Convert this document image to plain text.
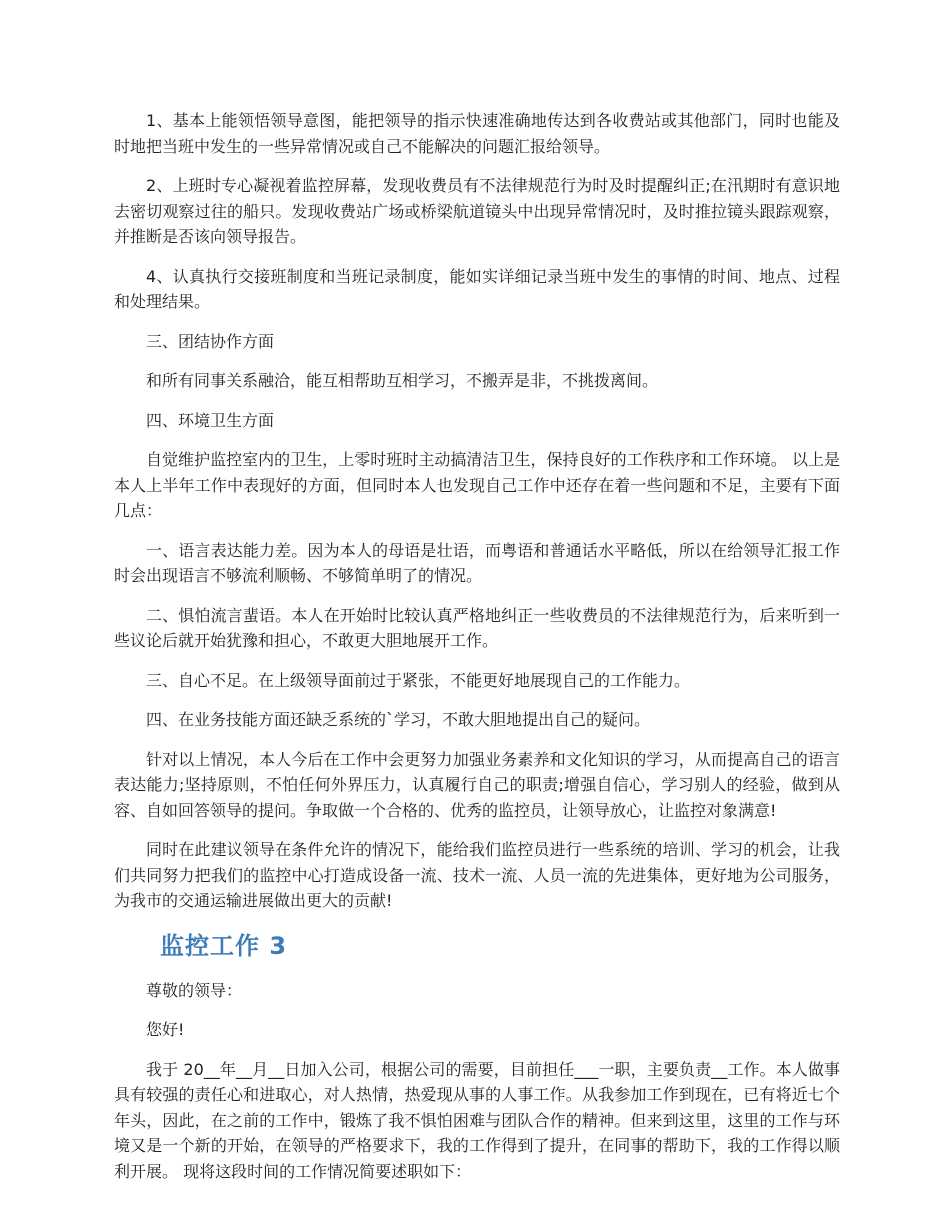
1、基本上能领悟领导意图，能把领导的指示快速准确地传达到各收费站或其他部门，同时也能及时地把当班中发生的一些异常情况或自己不能解决的问题汇报给领导。

2、上班时专心凝视着监控屏幕，发现收费员有不法律规范行为时及时提醒纠正;在汛期时有意识地去密切观察过往的船只。发现收费站广场或桥梁航道镜头中出现异常情况时，及时推拉镜头跟踪观察，并推断是否该向领导报告。

4、认真执行交接班制度和当班记录制度，能如实详细记录当班中发生的事情的时间、地点、过程和处理结果。

三、团结协作方面

和所有同事关系融洽，能互相帮助互相学习，不搬弄是非，不挑拨离间。

四、环境卫生方面

自觉维护监控室内的卫生，上零时班时主动搞清洁卫生，保持良好的工作秩序和工作环境。 以上是本人上半年工作中表现好的方面，但同时本人也发现自己工作中还存在着一些问题和不足，主要有下面几点：

一、语言表达能力差。因为本人的母语是壮语，而粤语和普通话水平略低，所以在给领导汇报工作时会出现语言不够流利顺畅、不够简单明了的情况。

二、惧怕流言蜚语。本人在开始时比较认真严格地纠正一些收费员的不法律规范行为，后来听到一些议论后就开始犹豫和担心，不敢更大胆地展开工作。

三、自心不足。在上级领导面前过于紧张，不能更好地展现自己的工作能力。

四、在业务技能方面还缺乏系统的`学习，不敢大胆地提出自己的疑问。

针对以上情况，本人今后在工作中会更努力加强业务素养和文化知识的学习，从而提高自己的语言表达能力;坚持原则，不怕任何外界压力，认真履行自己的职责;增强自信心，学习别人的经验，做到从容、自如回答领导的提问。争取做一个合格的、优秀的监控员，让领导放心，让监控对象满意!

同时在此建议领导在条件允许的情况下，能给我们监控员进行一些系统的培训、学习的机会，让我们共同努力把我们的监控中心打造成设备一流、技术一流、人员一流的先进集体，更好地为公司服务，为我市的交通运输进展做出更大的贡献!

监控工作 3

尊敬的领导：

您好!

我于 20__年__月__日加入公司，根据公司的需要，目前担任___一职，主要负责__工作。本人做事具有较强的责任心和进取心，对人热情，热爱现从事的人事工作。从我参加工作到现在，已有将近七个年头，因此，在之前的工作中，锻炼了我不惧怕困难与团队合作的精神。但来到这里，这里的工作与环境又是一个新的开始，在领导的严格要求下，我的工作得到了提升，在同事的帮助下，我的工作得以顺利开展。 现将这段时间的工作情况简要述职如下：
